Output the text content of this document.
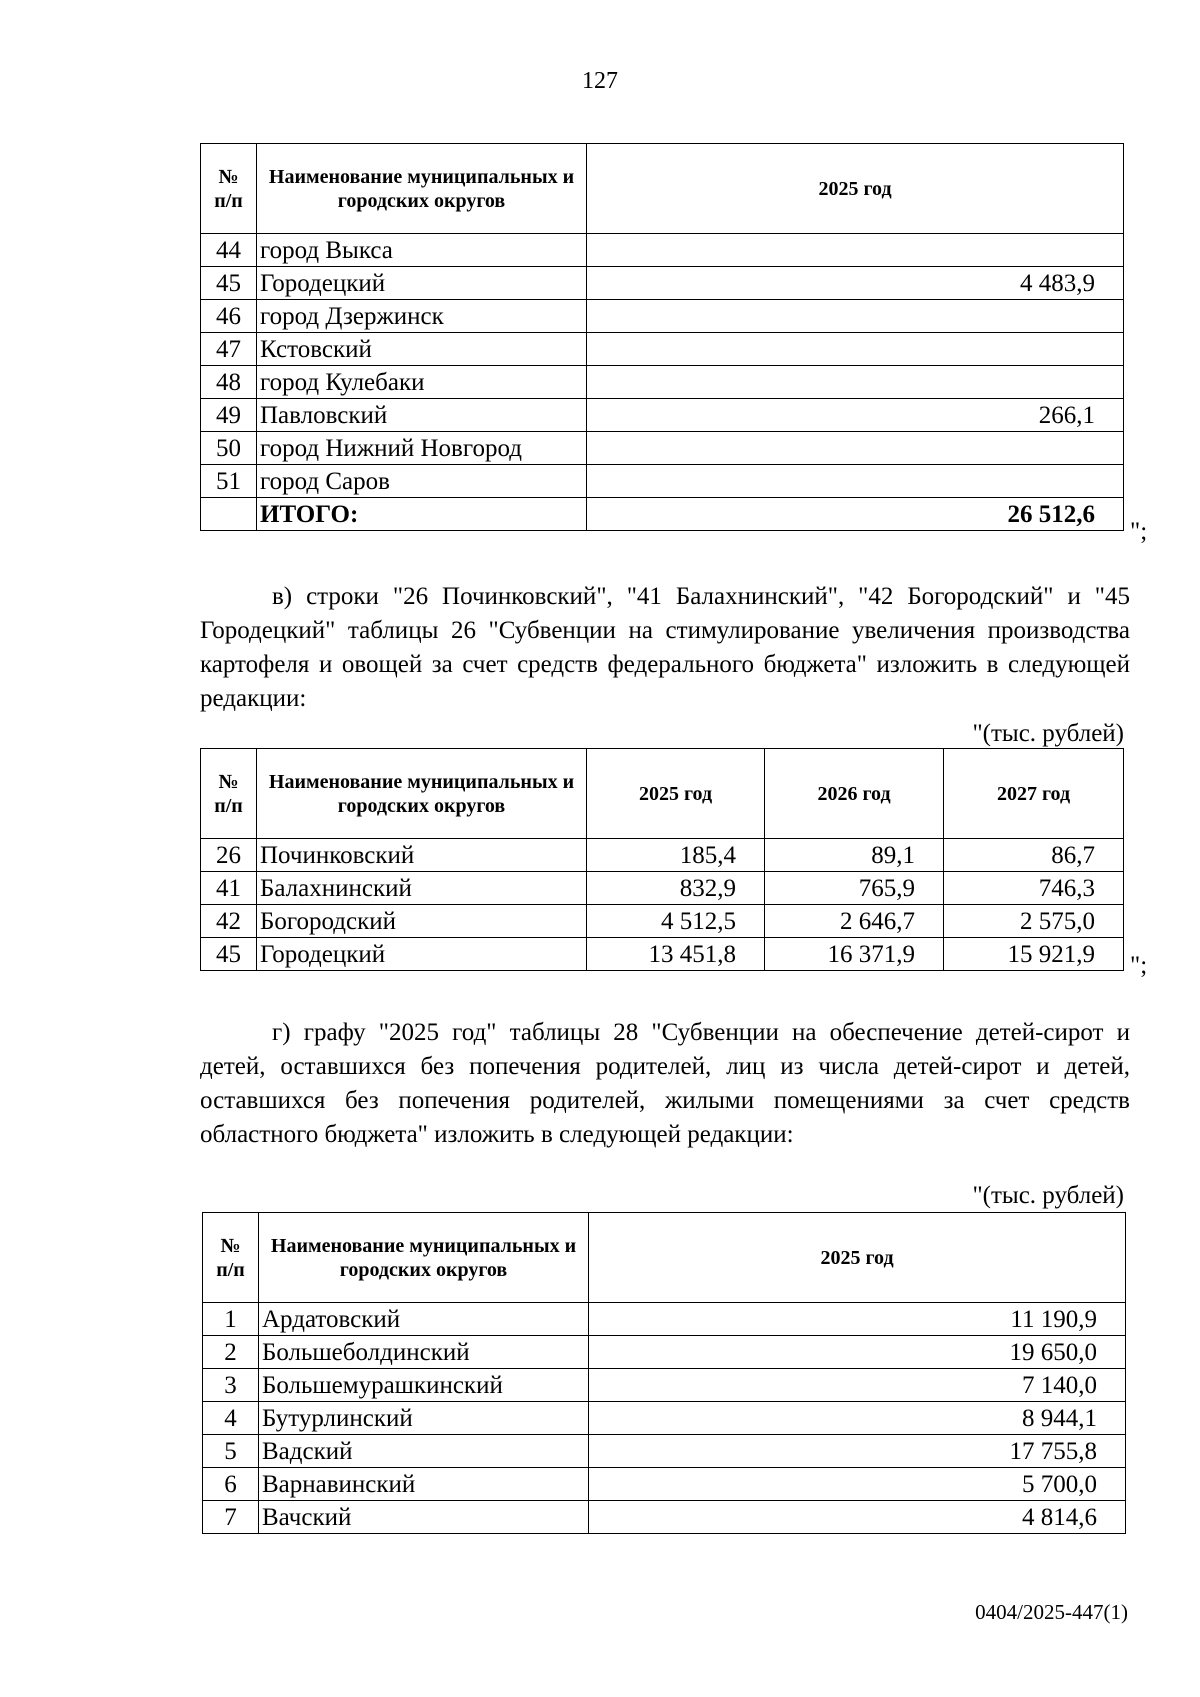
127
№
п/п	Наименование муниципальных и городских округов	2025 год
44	город Выкса	
45	Городецкий	4 483,9
46	город Дзержинск	
47	Кстовский	
48	город Кулебаки	
49	Павловский	266,1
50	город Нижний Новгород	
51	город Саров	
	ИТОГО:	26 512,6
";
в) строки "26 Починковский", "41 Балахнинский", "42 Богородский" и "45 Городецкий" таблицы 26 "Субвенции на стимулирование увеличения производства картофеля и овощей за счет средств федерального бюджета" изложить в следующей редакции:
"(тыс. рублей)
№
п/п	Наименование муниципальных и городских округов	2025 год	2026 год	2027 год
26	Починковский	185,4	89,1	86,7
41	Балахнинский	832,9	765,9	746,3
42	Богородский	4 512,5	2 646,7	2 575,0
45	Городецкий	13 451,8	16 371,9	15 921,9 ";
г) графу "2025 год" таблицы 28 "Субвенции на обеспечение детей-сирот и детей, оставшихся без попечения родителей, лиц из числа детей-сирот и детей, оставшихся без попечения родителей, жилыми помещениями за счет средств областного бюджета" изложить в следующей редакции:
"(тыс. рублей)
№
п/п	Наименование муниципальных и городских округов	2025 год
1	Ардатовский	11 190,9
2	Большеболдинский	19 650,0
3	Большемурашкинский	7 140,0
4	Бутурлинский	8 944,1
5	Вадский	17 755,8
6	Варнавинский	5 700,0
7	Вачский	4 814,6
0404/2025-447(1)
